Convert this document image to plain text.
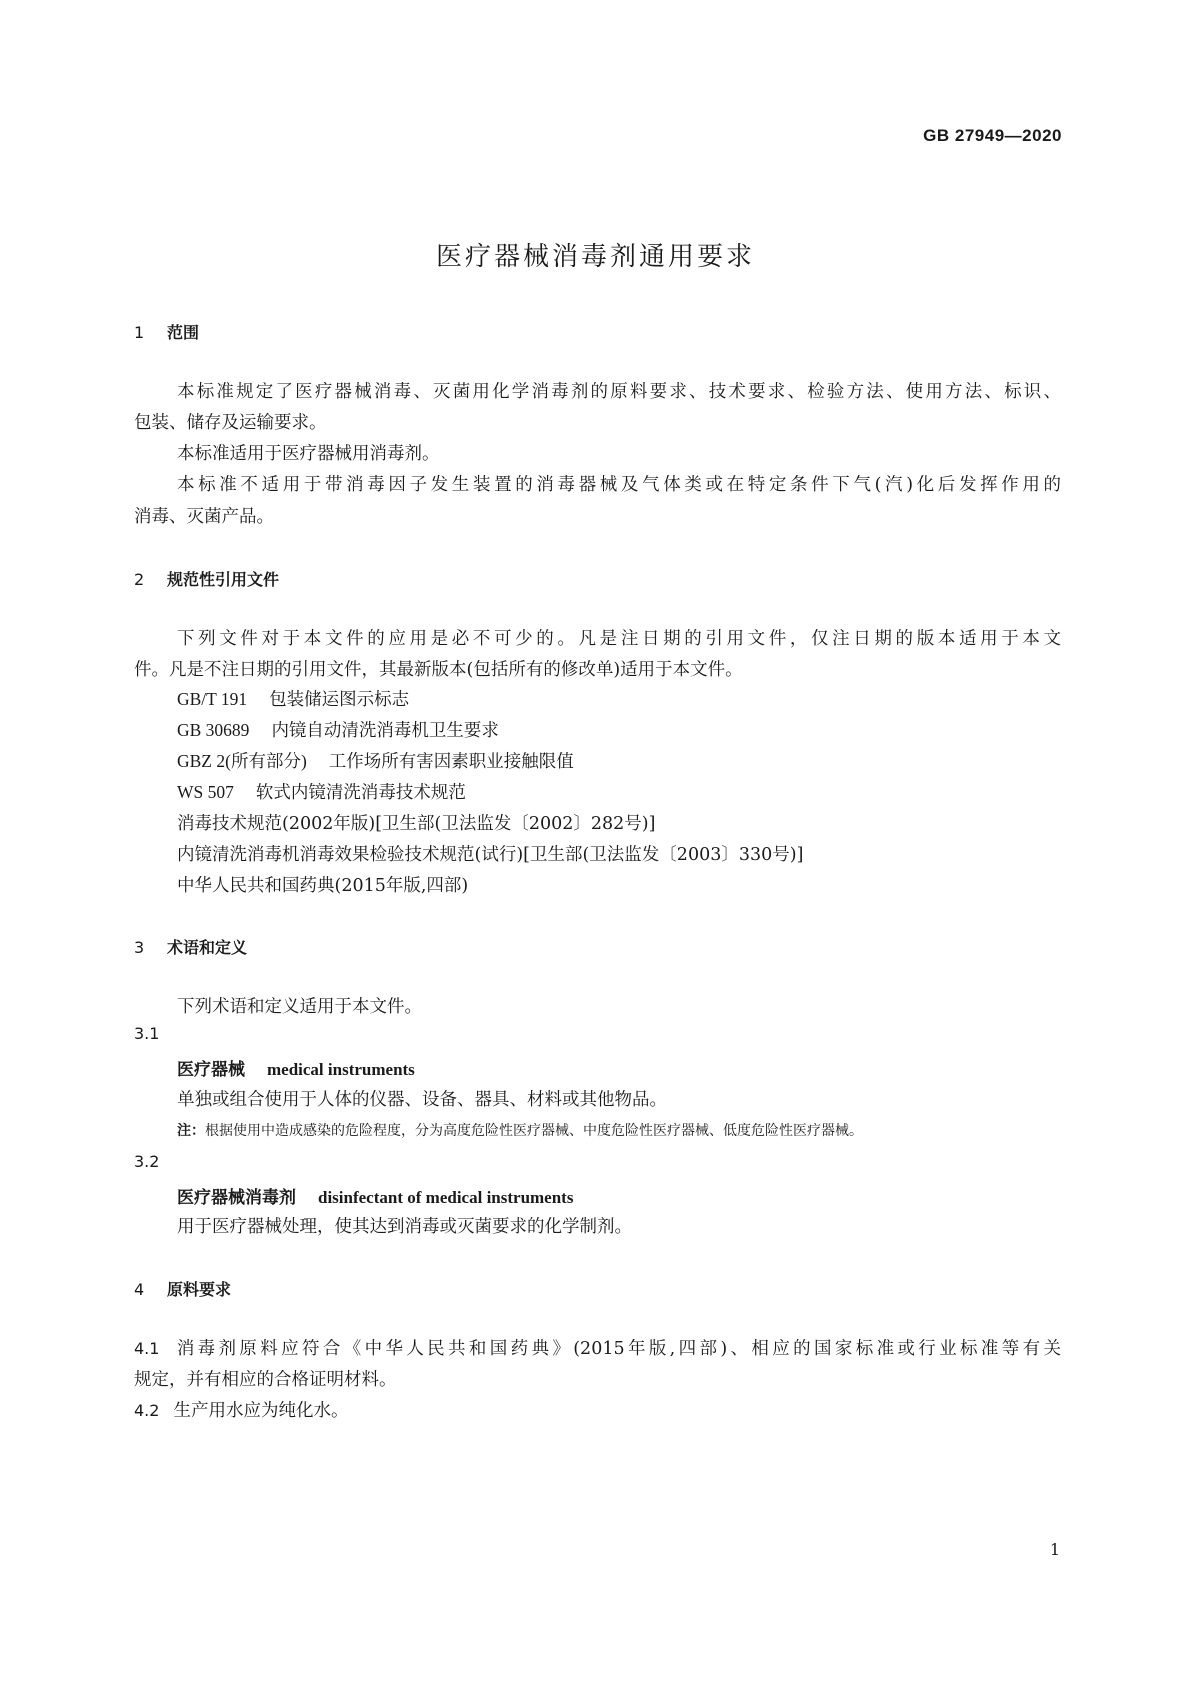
GB 27949—2020
医疗器械消毒剂通用要求
1 范围
本标准规定了医疗器械消毒、灭菌用化学消毒剂的原料要求、技术要求、检验方法、使用方法、标识、
包装、储存及运输要求。
本标准适用于医疗器械用消毒剂。
本标准不适用于带消毒因子发生装置的消毒器械及气体类或在特定条件下气(汽)化后发挥作用的
消毒、灭菌产品。
2 规范性引用文件
下列文件对于本文件的应用是必不可少的。凡是注日期的引用文件，仅注日期的版本适用于本文
件。凡是不注日期的引用文件，其最新版本(包括所有的修改单)适用于本文件。
GB/T 191 包装储运图示标志
GB 30689 内镜自动清洗消毒机卫生要求
GBZ 2(所有部分) 工作场所有害因素职业接触限值
WS 507 软式内镜清洗消毒技术规范
消毒技术规范(2002年版)[卫生部(卫法监发〔2002〕282号)]
内镜清洗消毒机消毒效果检验技术规范(试行)[卫生部(卫法监发〔2003〕330号)]
中华人民共和国药典(2015年版,四部)
3 术语和定义
下列术语和定义适用于本文件。
3.1
医疗器械 medical instruments
单独或组合使用于人体的仪器、设备、器具、材料或其他物品。
注：根据使用中造成感染的危险程度，分为高度危险性医疗器械、中度危险性医疗器械、低度危险性医疗器械。
3.2
医疗器械消毒剂 disinfectant of medical instruments
用于医疗器械处理，使其达到消毒或灭菌要求的化学制剂。
4 原料要求
4.1 消毒剂原料应符合《中华人民共和国药典》(2015年版,四部)、相应的国家标准或行业标准等有关
规定，并有相应的合格证明材料。
4.2 生产用水应为纯化水。
1
